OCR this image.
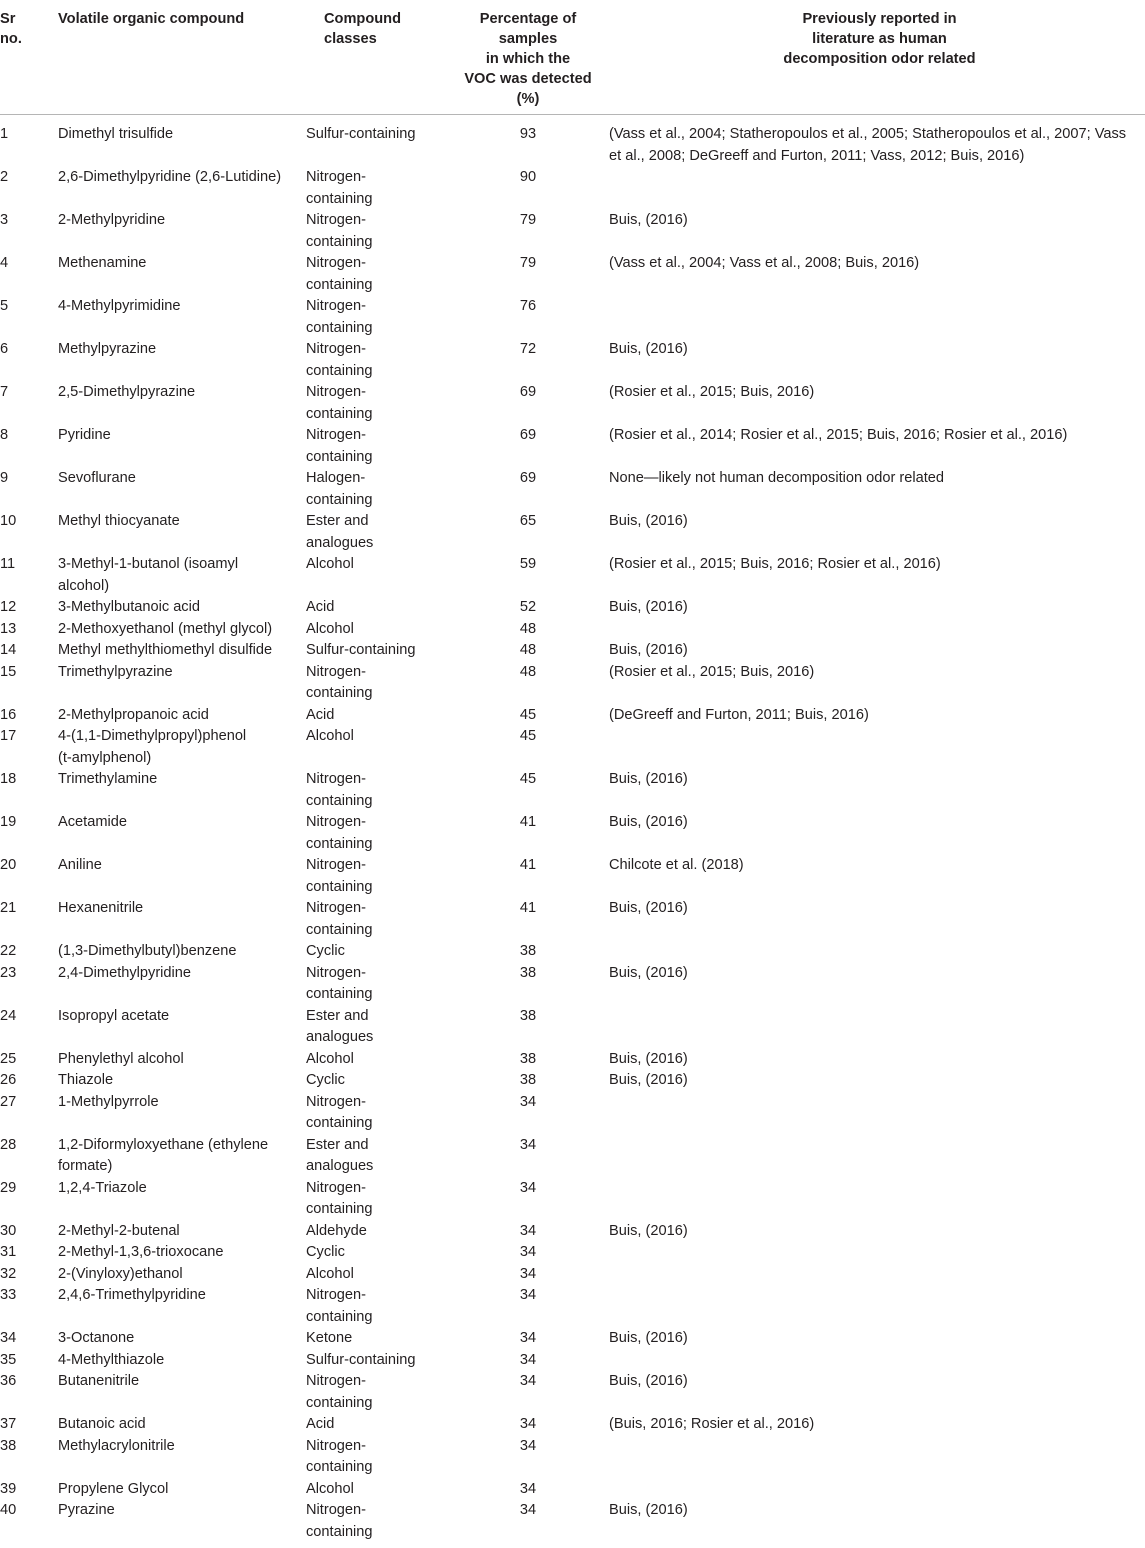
Sr
no.	Volatile organic compound	Compound
classes	Percentage of
samples
in which the
VOC was detected
(%)	Previously reported in
literature as human
decomposition odor related
1	Dimethyl trisulfide	Sulfur-containing	93	(Vass et al., 2004; Statheropoulos et al., 2005; Statheropoulos et al., 2007; Vass
et al., 2008; DeGreeff and Furton, 2011; Vass, 2012; Buis, 2016)
2	2,6-Dimethylpyridine (2,6-Lutidine)	Nitrogen-
containing	90	
3	2-Methylpyridine	Nitrogen-
containing	79	Buis, (2016)
4	Methenamine	Nitrogen-
containing	79	(Vass et al., 2004; Vass et al., 2008; Buis, 2016)
5	4-Methylpyrimidine	Nitrogen-
containing	76	
6	Methylpyrazine	Nitrogen-
containing	72	Buis, (2016)
7	2,5-Dimethylpyrazine	Nitrogen-
containing	69	(Rosier et al., 2015; Buis, 2016)
8	Pyridine	Nitrogen-
containing	69	(Rosier et al., 2014; Rosier et al., 2015; Buis, 2016; Rosier et al., 2016)
9	Sevoflurane	Halogen-
containing	69	None—likely not human decomposition odor related
10	Methyl thiocyanate	Ester and
analogues	65	Buis, (2016)
11	3-Methyl-1-butanol (isoamyl
alcohol)	Alcohol	59	(Rosier et al., 2015; Buis, 2016; Rosier et al., 2016)
12	3-Methylbutanoic acid	Acid	52	Buis, (2016)
13	2-Methoxyethanol (methyl glycol)	Alcohol	48	
14	Methyl methylthiomethyl disulfide	Sulfur-containing	48	Buis, (2016)
15	Trimethylpyrazine	Nitrogen-
containing	48	(Rosier et al., 2015; Buis, 2016)
16	2-Methylpropanoic acid	Acid	45	(DeGreeff and Furton, 2011; Buis, 2016)
17	4-(1,1-Dimethylpropyl)phenol
(t-amylphenol)	Alcohol	45	
18	Trimethylamine	Nitrogen-
containing	45	Buis, (2016)
19	Acetamide	Nitrogen-
containing	41	Buis, (2016)
20	Aniline	Nitrogen-
containing	41	Chilcote et al. (2018)
21	Hexanenitrile	Nitrogen-
containing	41	Buis, (2016)
22	(1,3-Dimethylbutyl)benzene	Cyclic	38	
23	2,4-Dimethylpyridine	Nitrogen-
containing	38	Buis, (2016)
24	Isopropyl acetate	Ester and
analogues	38	
25	Phenylethyl alcohol	Alcohol	38	Buis, (2016)
26	Thiazole	Cyclic	38	Buis, (2016)
27	1-Methylpyrrole	Nitrogen-
containing	34	
28	1,2-Diformyloxyethane (ethylene
formate)	Ester and
analogues	34	
29	1,2,4-Triazole	Nitrogen-
containing	34	
30	2-Methyl-2-butenal	Aldehyde	34	Buis, (2016)
31	2-Methyl-1,3,6-trioxocane	Cyclic	34	
32	2-(Vinyloxy)ethanol	Alcohol	34	
33	2,4,6-Trimethylpyridine	Nitrogen-
containing	34	
34	3-Octanone	Ketone	34	Buis, (2016)
35	4-Methylthiazole	Sulfur-containing	34	
36	Butanenitrile	Nitrogen-
containing	34	Buis, (2016)
37	Butanoic acid	Acid	34	(Buis, 2016; Rosier et al., 2016)
38	Methylacrylonitrile	Nitrogen-
containing	34	
39	Propylene Glycol	Alcohol	34	
40	Pyrazine	Nitrogen-
containing	34	Buis, (2016)
